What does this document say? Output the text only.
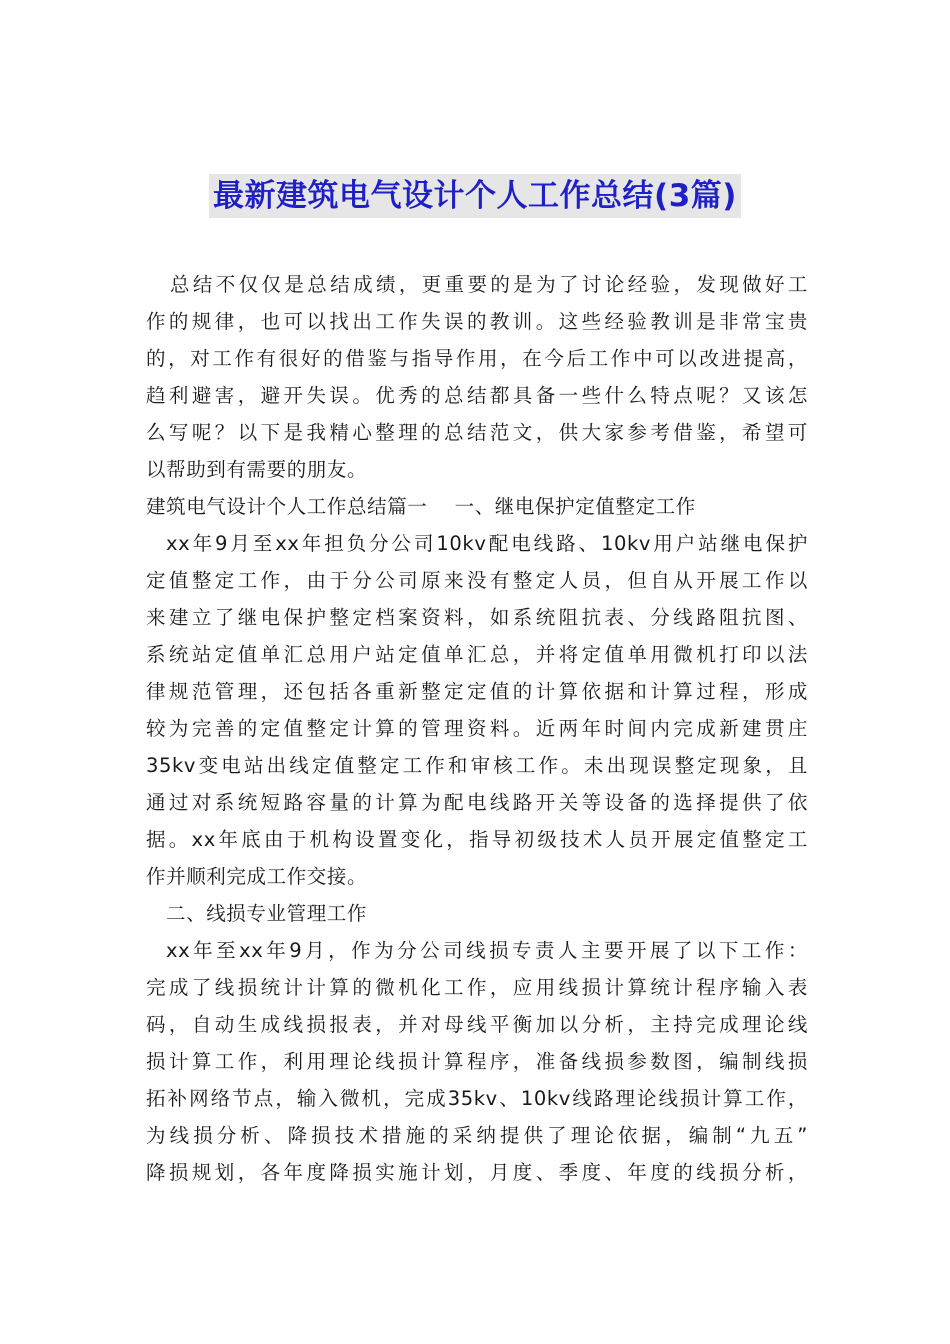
最新建筑电气设计个人工作总结(3篇)
总结不仅仅是总结成绩，更重要的是为了讨论经验，发现做好工
作的规律，也可以找出工作失误的教训。这些经验教训是非常宝贵
的，对工作有很好的借鉴与指导作用，在今后工作中可以改进提高，
趋利避害，避开失误。优秀的总结都具备一些什么特点呢？又该怎
么写呢？以下是我精心整理的总结范文，供大家参考借鉴，希望可
以帮助到有需要的朋友。
建筑电气设计个人工作总结篇一    一、继电保护定值整定工作
xx年9月至xx年担负分公司10kv配电线路、10kv用户站继电保护
定值整定工作，由于分公司原来没有整定人员，但自从开展工作以
来建立了继电保护整定档案资料，如系统阻抗表、分线路阻抗图、
系统站定值单汇总用户站定值单汇总，并将定值单用微机打印以法
律规范管理，还包括各重新整定定值的计算依据和计算过程，形成
较为完善的定值整定计算的管理资料。近两年时间内完成新建贯庄
35kv变电站出线定值整定工作和审核工作。未出现误整定现象，且
通过对系统短路容量的计算为配电线路开关等设备的选择提供了依
据。xx年底由于机构设置变化，指导初级技术人员开展定值整定工
作并顺利完成工作交接。
二、线损专业管理工作
xx年至xx年9月，作为分公司线损专责人主要开展了以下工作：
完成了线损统计计算的微机化工作，应用线损计算统计程序输入表
码，自动生成线损报表，并对母线平衡加以分析，主持完成理论线
损计算工作，利用理论线损计算程序，准备线损参数图，编制线损
拓补网络节点，输入微机，完成35kv、10kv线路理论线损计算工作，
为线损分析、降损技术措施的采纳提供了理论依据，编制“九五”
降损规划，各年度降损实施计划，月度、季度、年度的线损分析，
